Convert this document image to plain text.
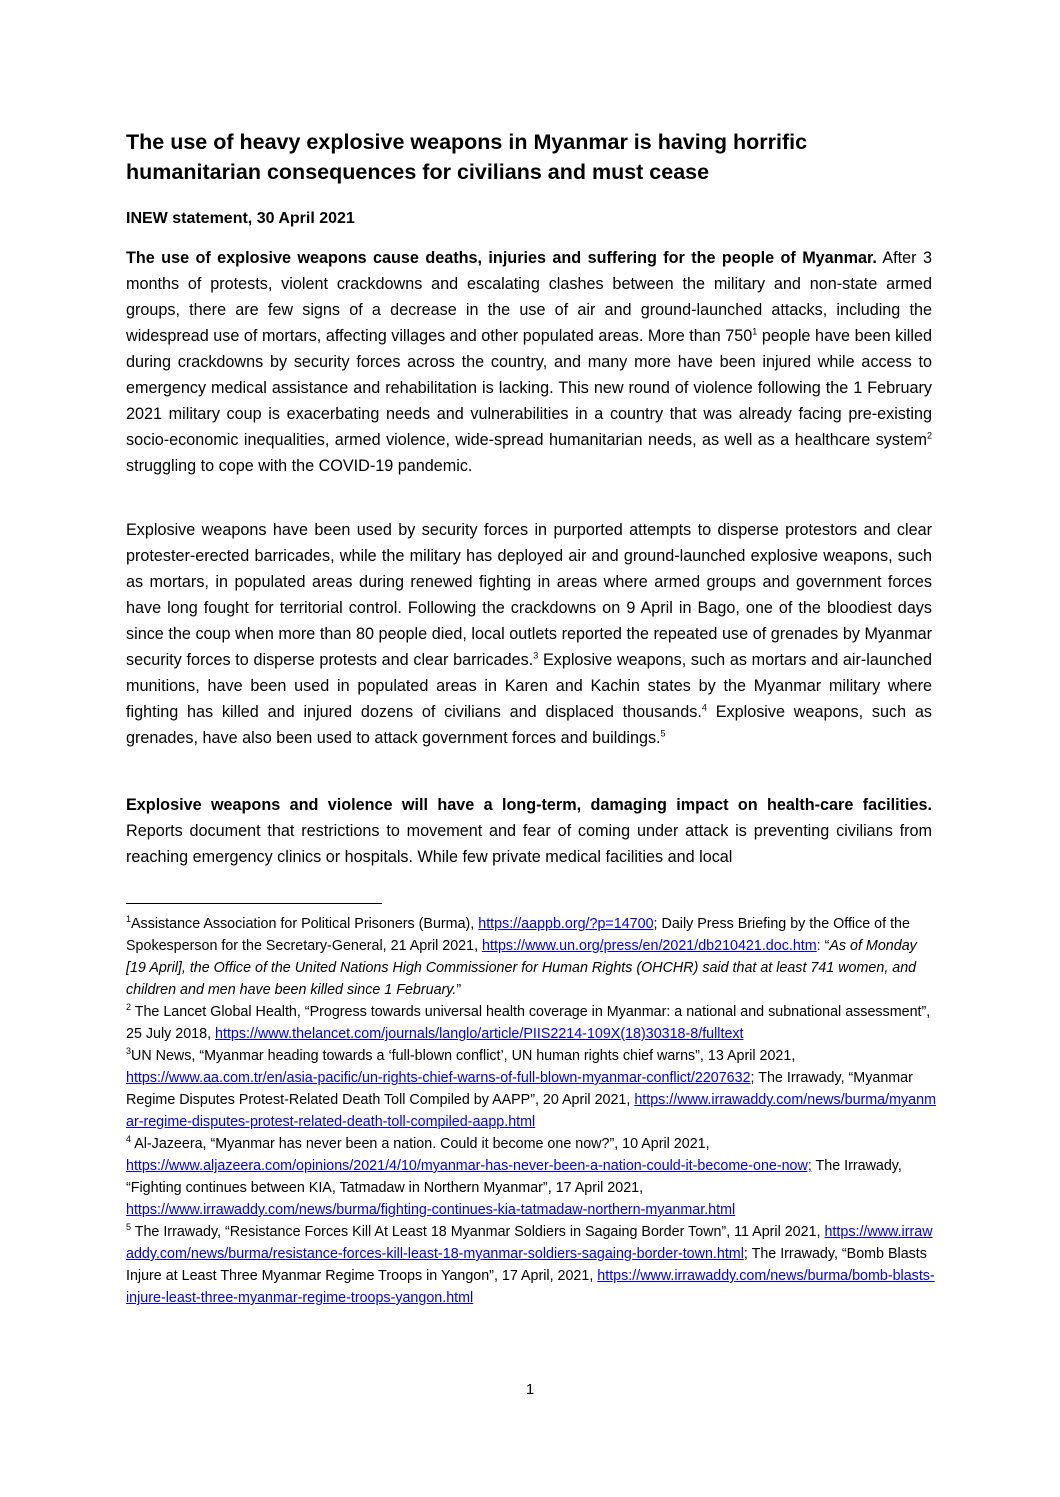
The use of heavy explosive weapons in Myanmar is having horrific humanitarian consequences for civilians and must cease

INEW statement, 30 April 2021

The use of explosive weapons cause deaths, injuries and suffering for the people of Myanmar. After 3 months of protests, violent crackdowns and escalating clashes between the military and non-state armed groups, there are few signs of a decrease in the use of air and ground-launched attacks, including the widespread use of mortars, affecting villages and other populated areas. More than $750^1$ people have been killed during crackdowns by security forces across the country, and many more have been injured while access to emergency medical assistance and rehabilitation is lacking. This new round of violence following the 1 February 2021 military coup is exacerbating needs and vulnerabilities in a country that was already facing pre-existing socio-economic inequalities, armed violence, wide-spread humanitarian needs, as well as a healthcare system$^2$ struggling to cope with the COVID-19 pandemic.

Explosive weapons have been used by security forces in purported attempts to disperse protestors and clear protester-erected barricades, while the military has deployed air and ground-launched explosive weapons, such as mortars, in populated areas during renewed fighting in areas where armed groups and government forces have long fought for territorial control. Following the crackdowns on 9 April in Bago, one of the bloodiest days since the coup when more than 80 people died, local outlets reported the repeated use of grenades by Myanmar security forces to disperse protests and clear barricades.$^3$ Explosive weapons, such as mortars and air-launched munitions, have been used in populated areas in Karen and Kachin states by the Myanmar military where fighting has killed and injured dozens of civilians and displaced thousands.$^4$ Explosive weapons, such as grenades, have also been used to attack government forces and buildings.$^5$

Explosive weapons and violence will have a long-term, damaging impact on health-care facilities. Reports document that restrictions to movement and fear of coming under attack is preventing civilians from reaching emergency clinics or hospitals. While few private medical facilities and local

$^1$Assistance Association for Political Prisoners (Burma), https://aappb.org/?p=14700; Daily Press Briefing by the Office of the Spokesperson for the Secretary-General, 21 April 2021, https://www.un.org/press/en/2021/db210421.doc.htm: “As of Monday [19 April], the Office of the United Nations High Commissioner for Human Rights (OHCHR) said that at least 741 women, and children and men have been killed since 1 February.”

$^2$ The Lancet Global Health, “Progress towards universal health coverage in Myanmar: a national and subnational assessment”, 25 July 2018, https://www.thelancet.com/journals/langlo/article/PIIS2214-109X(18)30318-8/fulltext

$^3$UN News, “Myanmar heading towards a ‘full-blown conflict’, UN human rights chief warns”, 13 April 2021, https://www.aa.com.tr/en/asia-pacific/un-rights-chief-warns-of-full-blown-myanmar-conflict/2207632; The Irrawady, “Myanmar Regime Disputes Protest-Related Death Toll Compiled by AAPP”, 20 April 2021, https://www.irrawaddy.com/news/burma/myanmar-regime-disputes-protest-related-death-toll-compiled-aapp.html

$^4$ Al-Jazeera, “Myanmar has never been a nation. Could it become one now?”, 10 April 2021, https://www.aljazeera.com/opinions/2021/4/10/myanmar-has-never-been-a-nation-could-it-become-one-now; The Irrawady, “Fighting continues between KIA, Tatmadaw in Northern Myanmar”, 17 April 2021, https://www.irrawaddy.com/news/burma/fighting-continues-kia-tatmadaw-northern-myanmar.html

$^5$ The Irrawady, “Resistance Forces Kill At Least 18 Myanmar Soldiers in Sagaing Border Town”, 11 April 2021, https://www.irrawaddy.com/news/burma/resistance-forces-kill-least-18-myanmar-soldiers-sagaing-border-town.html; The Irrawady, “Bomb Blasts Injure at Least Three Myanmar Regime Troops in Yangon”, 17 April, 2021, https://www.irrawaddy.com/news/burma/bomb-blasts-injure-least-three-myanmar-regime-troops-yangon.html

1
